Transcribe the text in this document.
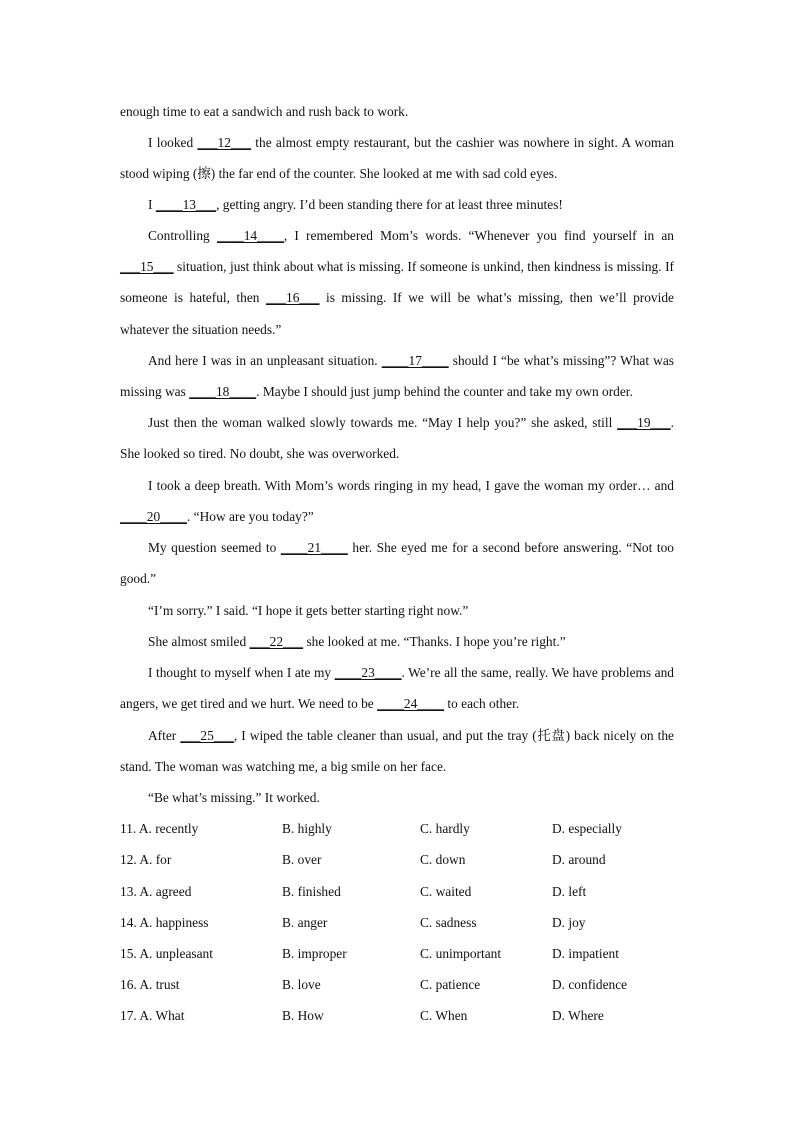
enough time to eat a sandwich and rush back to work.

I looked ___12___ the almost empty restaurant, but the cashier was nowhere in sight. A woman stood wiping (擦) the far end of the counter. She looked at me with sad cold eyes.

I ____13___, getting angry. I’d been standing there for at least three minutes!

Controlling ____14____, I remembered Mom’s words. “Whenever you find yourself in an ___15___ situation, just think about what is missing. If someone is unkind, then kindness is missing. If someone is hateful, then ___16___ is missing. If we will be what’s missing, then we’ll provide whatever the situation needs.”

And here I was in an unpleasant situation. ____17____ should I “be what’s missing”? What was missing was ____18____. Maybe I should just jump behind the counter and take my own order.

Just then the woman walked slowly towards me. “May I help you?” she asked, still ___19___. She looked so tired. No doubt, she was overworked.

I took a deep breath. With Mom’s words ringing in my head, I gave the woman my order… and ____20____. “How are you today?”

My question seemed to ____21____ her. She eyed me for a second before answering. “Not too good.”

“I’m sorry.” I said. “I hope it gets better starting right now.”

She almost smiled ___22___ she looked at me. “Thanks. I hope you’re right.”

I thought to myself when I ate my ____23____. We’re all the same, really. We have problems and angers, we get tired and we hurt. We need to be ____24____ to each other.

After ___25___, I wiped the table cleaner than usual, and put the tray (托盘) back nicely on the stand. The woman was watching me, a big smile on her face.

“Be what’s missing.” It worked.

11. A. recently	B. highly	C. hardly	D. especially
12. A. for	B. over	C. down	D. around
13. A. agreed	B. finished	C. waited	D. left
14. A. happiness	B. anger	C. sadness	D. joy
15. A. unpleasant	B. improper	C. unimportant	D. impatient
16. A. trust	B. love	C. patience	D. confidence
17. A. What	B. How	C. When	D. Where
